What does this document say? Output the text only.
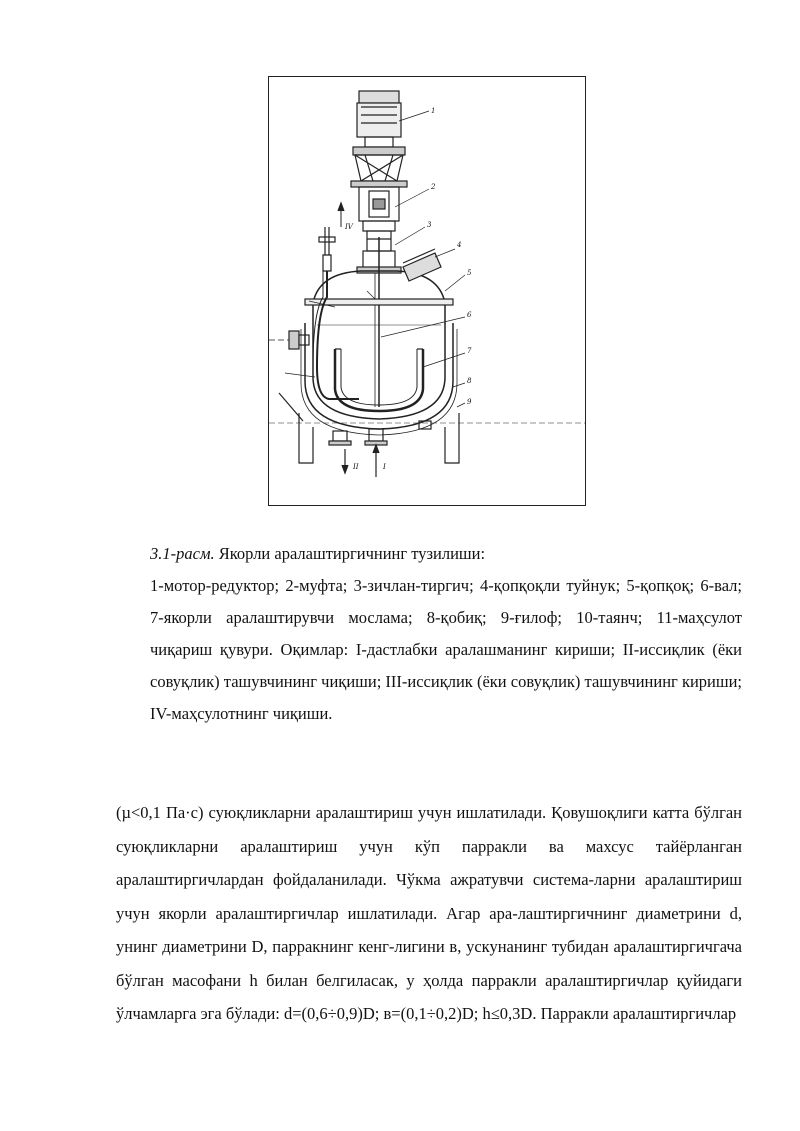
1
2
3
4
5
6
7
8
9
IV
II	I
3.1-расм. Якорли аралаштиргичнинг тузилиши:
1-мотор-редуктор; 2-муфта; 3-зичлан-тиргич; 4-қопқоқли туйнук; 5-қопқоқ; 6-вал; 7-якорли аралаштирувчи мослама; 8-қобиқ; 9-ғилоф; 10-таянч; 11-маҳсулот чиқариш қувури. Оқимлар: I-дастлабки аралашманинг кириши; II-иссиқлик (ёки совуқлик) ташувчининг чиқиши; III-иссиқлик (ёки совуқлик) ташувчининг кириши; IV-маҳсулотнинг чиқиши.

(µ<0,1 Па·с) суюқликларни аралаштириш учун ишлатилади. Қовушоқлиги катта бўлган суюқликларни аралаштириш учун кўп парракли ва махсус тайёрланган аралаштиргичлардан фойдаланилади. Чўкма ажратувчи система-ларни аралаштириш учун якорли аралаштиргичлар ишлатилади. Агар ара-лаштиргичнинг диаметрини d, унинг диаметрини D, парракнинг кенг-лигини в, ускунанинг тубидан аралаштиргичгача бўлган масофани h билан белгиласак, у ҳолда парракли аралаштиргичлар қуйидаги ўлчамларга эга бўлади: d=(0,6÷0,9)D; в=(0,1÷0,2)D; h≤0,3D. Парракли аралаштиргичлар
